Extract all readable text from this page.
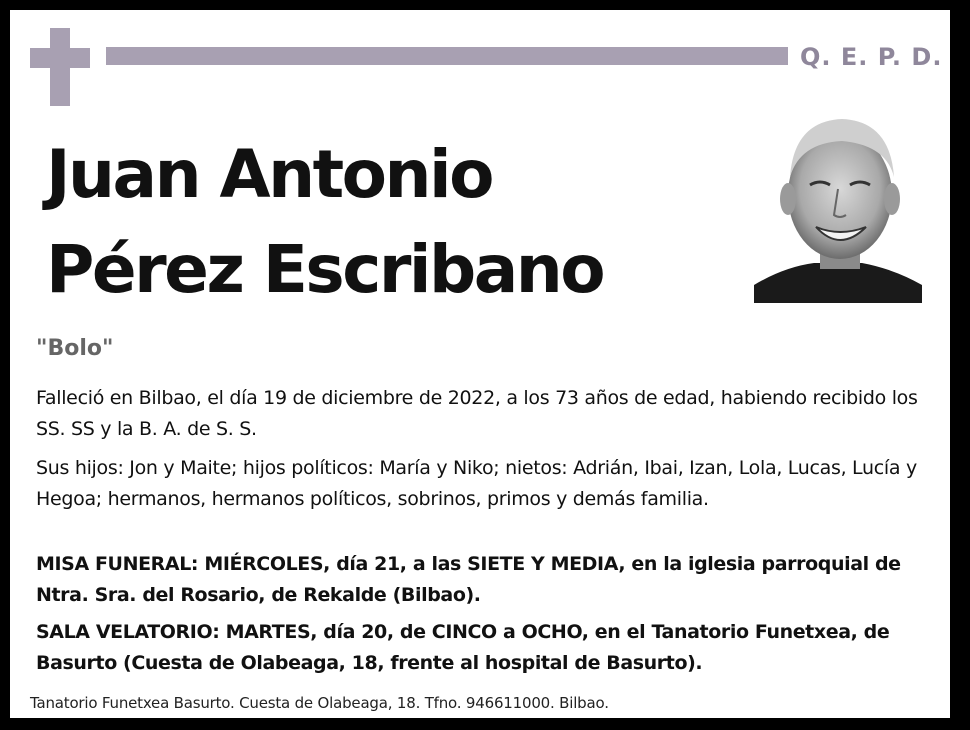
Q. E. P. D.
Juan Antonio
Pérez Escribano
"Bolo"
Falleció en Bilbao, el día 19 de diciembre de 2022, a los 73 años de edad, habiendo recibido los SS. SS y la B. A. de S. S.
Sus hijos: Jon y Maite; hijos políticos: María y Niko; nietos: Adrián, Ibai, Izan, Lola, Lucas, Lucía y Hegoa; hermanos, hermanos políticos, sobrinos, primos y demás familia.
MISA FUNERAL: MIÉRCOLES, día 21, a las SIETE Y MEDIA, en la iglesia parroquial de Ntra. Sra. del Rosario, de Rekalde (Bilbao).
SALA VELATORIO: MARTES, día 20, de CINCO a OCHO, en el Tanatorio Funetxea, de Basurto (Cuesta de Olabeaga, 18, frente al hospital de Basurto).
Tanatorio Funetxea Basurto. Cuesta de Olabeaga, 18. Tfno. 946611000. Bilbao.
